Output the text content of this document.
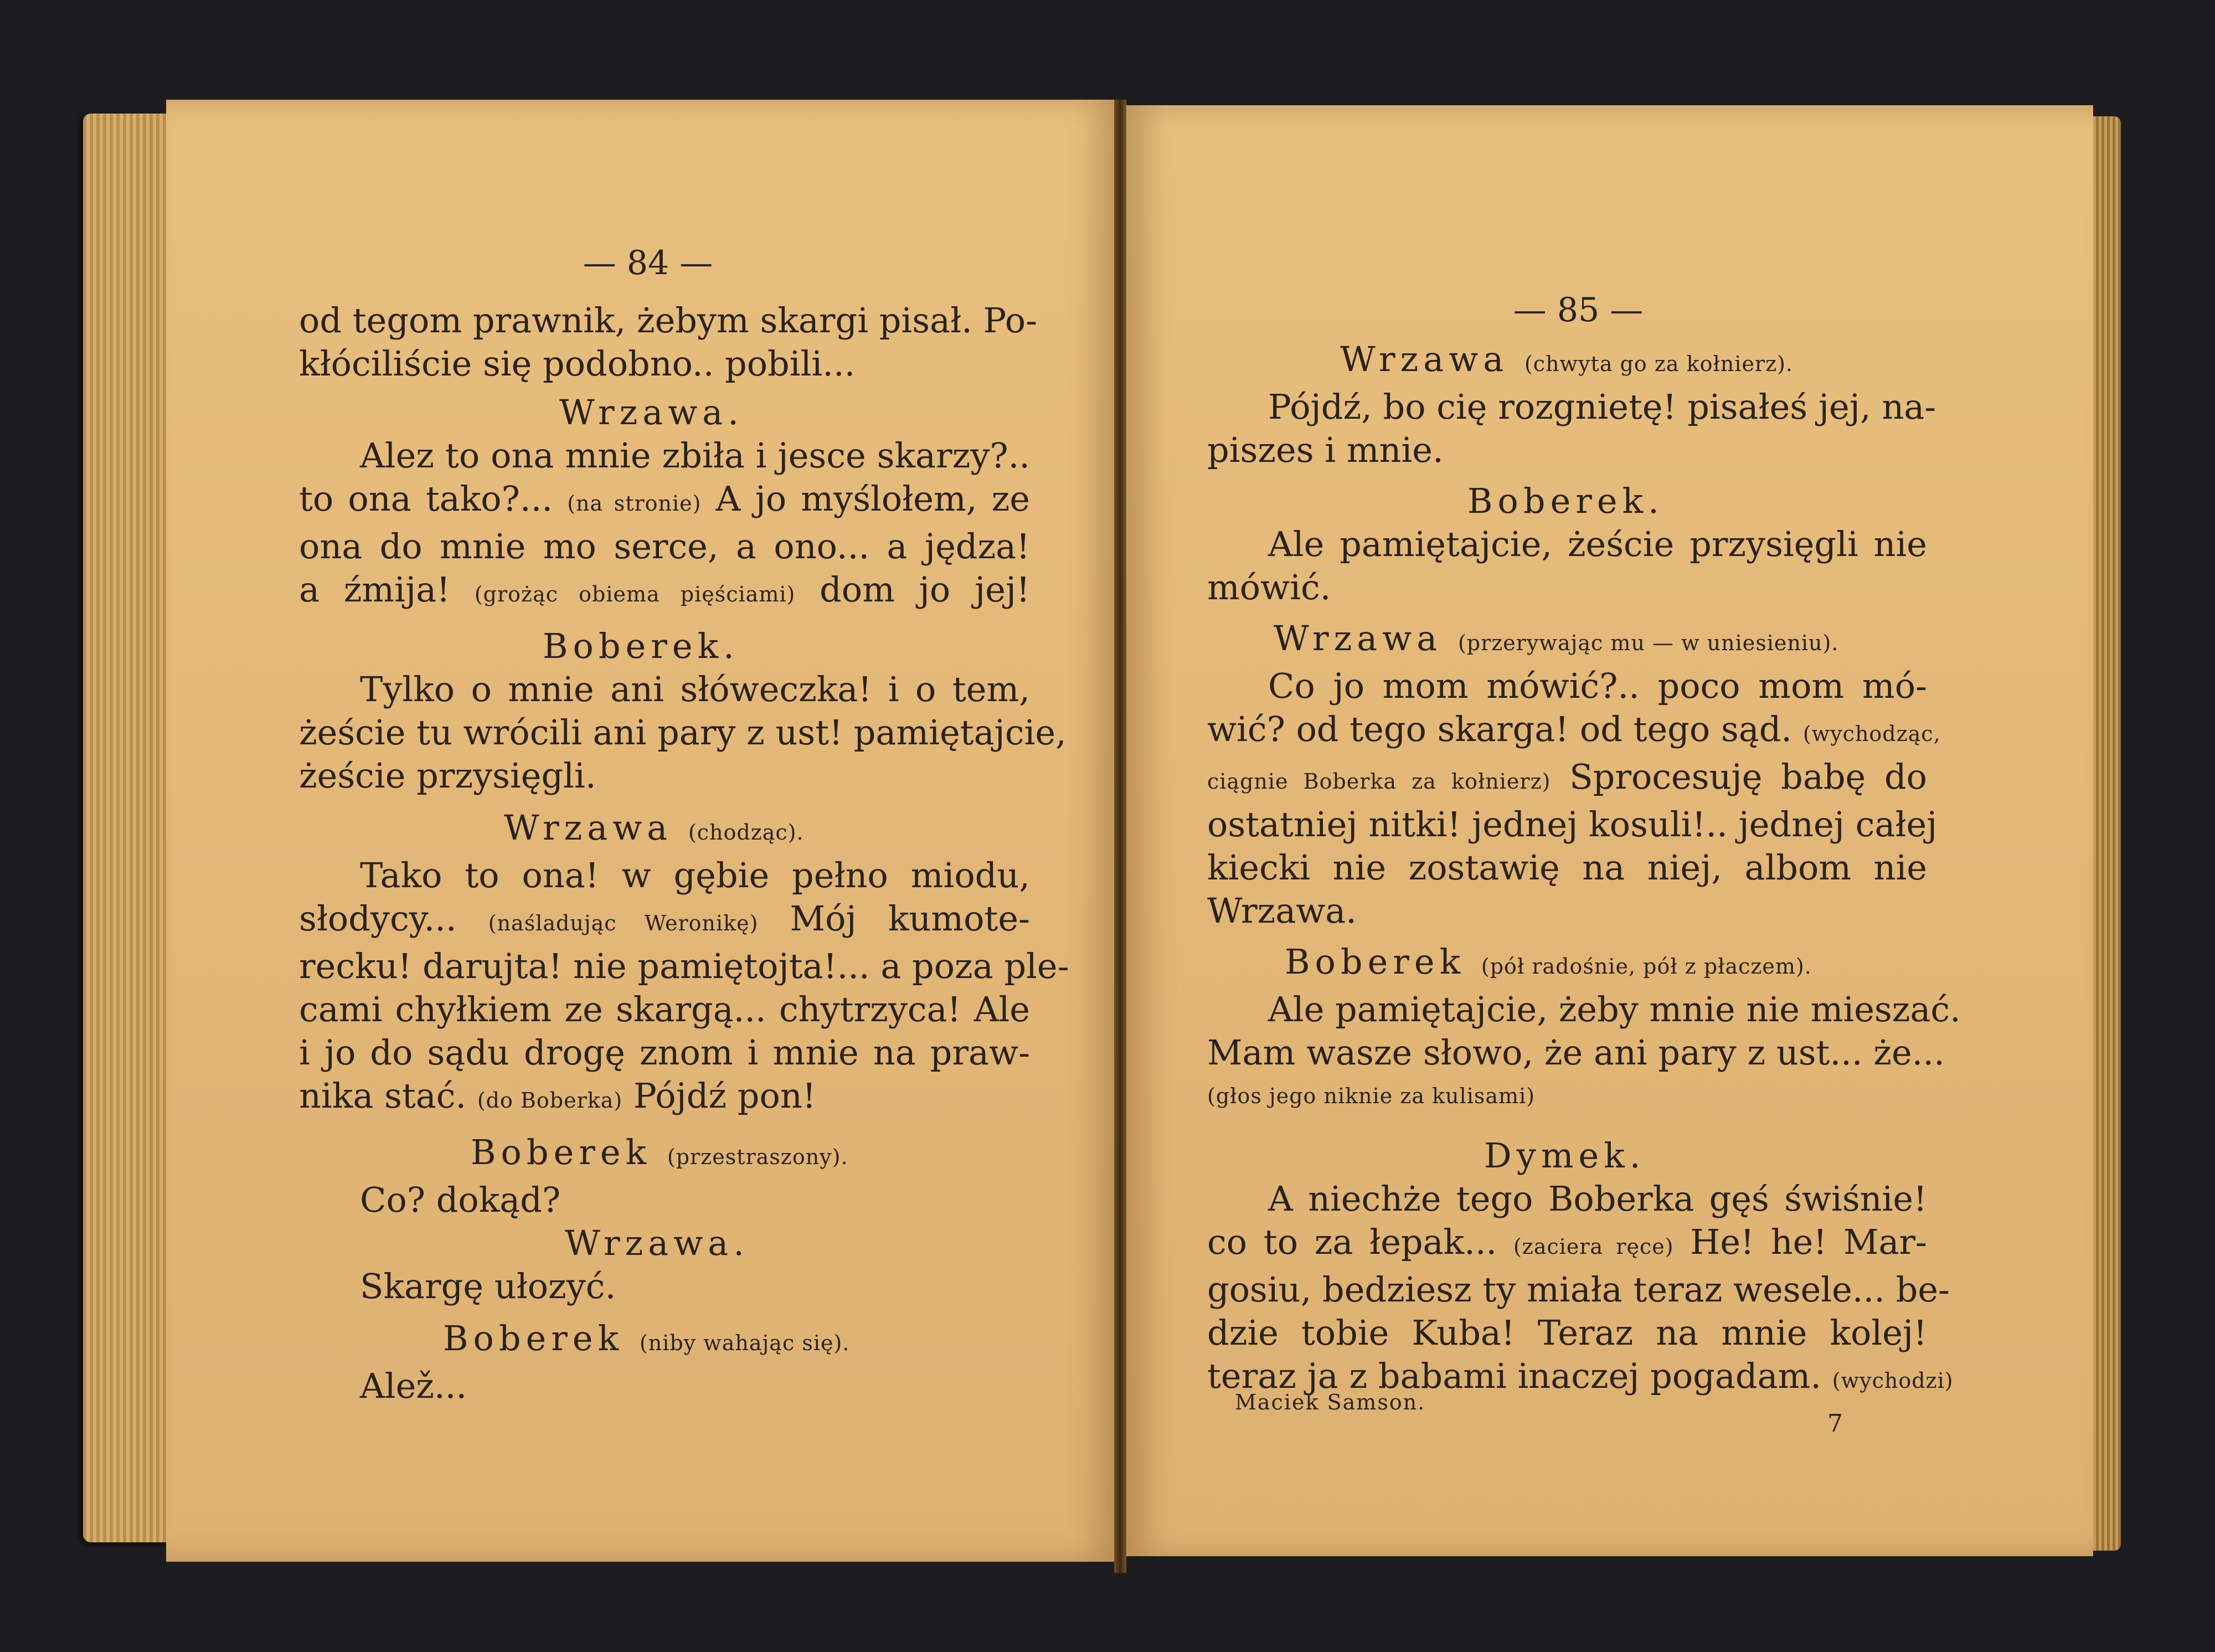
— 84 —
od tegom prawnik, żebym skargi pisał. Po-
kłóciliście się podobno.. pobili...
Wrzawa.
Alez to ona mnie zbiła i jesce skarzy?..
to ona tako?... (na stronie) A jo myślołem, ze
ona do mnie mo serce, a ono... a jędza!
a źmija! (grożąc obiema pięściami) dom jo jej!
Boberek.
Tylko o mnie ani słóweczka! i o tem,
żeście tu wrócili ani pary z ust! pamiętajcie,
żeście przysięgli.
Wrzawa (chodząc).
Tako to ona! w gębie pełno miodu,
słodycy... (naśladując Weronikę) Mój kumote-
recku! darujta! nie pamiętojta!... a poza ple-
cami chyłkiem ze skargą... chytrzyca! Ale
i jo do sądu drogę znom i mnie na praw-
nika stać. (do Boberka) Pójdź pon!
Boberek (przestraszony).
Co? dokąd?
Wrzawa.
Skargę ułozyć.
Boberek (niby wahając się).
Alež...
— 85 —
Wrzawa (chwyta go za kołnierz).
Pójdź, bo cię rozgnietę! pisałeś jej, na-
piszes i mnie.
Boberek.
Ale pamiętajcie, żeście przysięgli nie
mówić.
Wrzawa (przerywając mu — w uniesieniu).
Co jo mom mówić?.. poco mom mó-
wić? od tego skarga! od tego sąd. (wychodząc,
ciągnie Boberka za kołnierz) Sprocesuję babę do
ostatniej nitki! jednej kosuli!.. jednej całej
kiecki nie zostawię na niej, albom nie
Wrzawa.
Boberek (pół radośnie, pół z płaczem).
Ale pamiętajcie, żeby mnie nie mieszać.
Mam wasze słowo, że ani pary z ust... że...
(głos jego niknie za kulisami)
Dymek.
A niechże tego Boberka gęś świśnie!
co to za łepak... (zaciera ręce) He! he! Mar-
gosiu, bedziesz ty miała teraz wesele... be-
dzie tobie Kuba! Teraz na mnie kolej!
teraz ja z babami inaczej pogadam. (wychodzi)
Maciek Samson.
7
